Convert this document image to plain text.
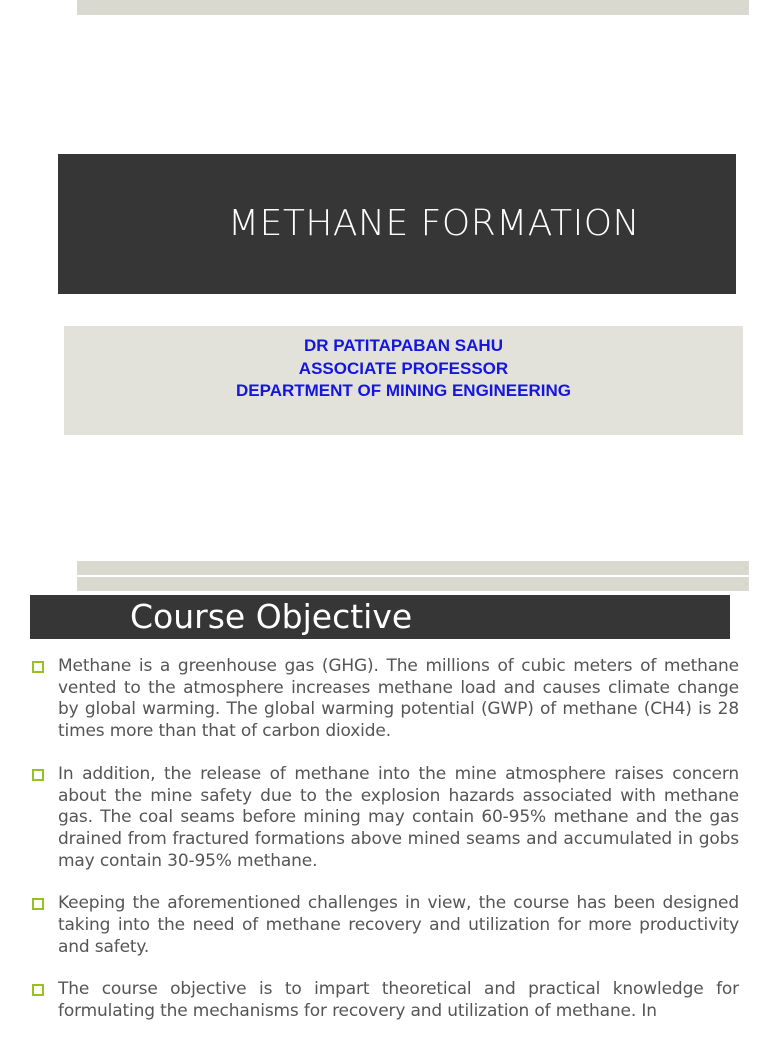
METHANE FORMATION
DR PATITAPABAN SAHU
ASSOCIATE PROFESSOR
DEPARTMENT OF MINING ENGINEERING
Course Objective
Methane is a greenhouse gas (GHG). The millions of cubic meters of methane vented to the atmosphere increases methane load and causes climate change by global warming. The global warming potential (GWP) of methane (CH4) is 28 times more than that of carbon dioxide.
In addition, the release of methane into the mine atmosphere raises concern about the mine safety due to the explosion hazards associated with methane gas. The coal seams before mining may contain 60-95% methane and the gas drained from fractured formations above mined seams and accumulated in gobs may contain 30-95% methane.
Keeping the aforementioned challenges in view, the course has been designed taking into the need of methane recovery and utilization for more productivity and safety.
The course objective is to impart theoretical and practical knowledge for formulating the mechanisms for recovery and utilization of methane. In
